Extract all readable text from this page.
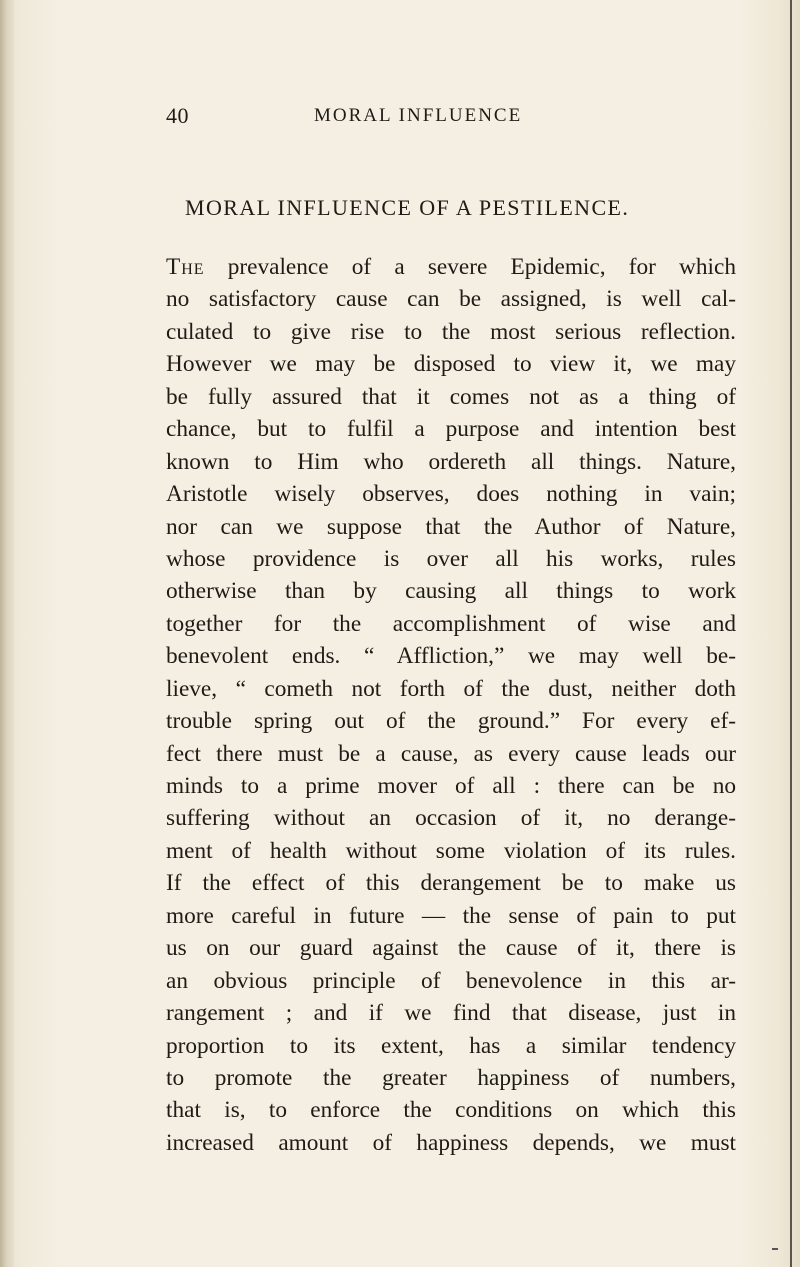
40	MORAL INFLUENCE
MORAL INFLUENCE OF A PESTILENCE.
The prevalence of a severe Epidemic, for which
no satisfactory cause can be assigned, is well cal-
culated to give rise to the most serious reflection.
However we may be disposed to view it, we may
be fully assured that it comes not as a thing of
chance, but to fulfil a purpose and intention best
known to Him who ordereth all things. Nature,
Aristotle wisely observes, does nothing in vain;
nor can we suppose that the Author of Nature,
whose providence is over all his works, rules
otherwise than by causing all things to work
together for the accomplishment of wise and
benevolent ends. “ Affliction,” we may well be-
lieve, “ cometh not forth of the dust, neither doth
trouble spring out of the ground.” For every ef-
fect there must be a cause, as every cause leads our
minds to a prime mover of all : there can be no
suffering without an occasion of it, no derange-
ment of health without some violation of its rules.
If the effect of this derangement be to make us
more careful in future — the sense of pain to put
us on our guard against the cause of it, there is
an obvious principle of benevolence in this ar-
rangement ; and if we find that disease, just in
proportion to its extent, has a similar tendency
to promote the greater happiness of numbers,
that is, to enforce the conditions on which this
increased amount of happiness depends, we must
